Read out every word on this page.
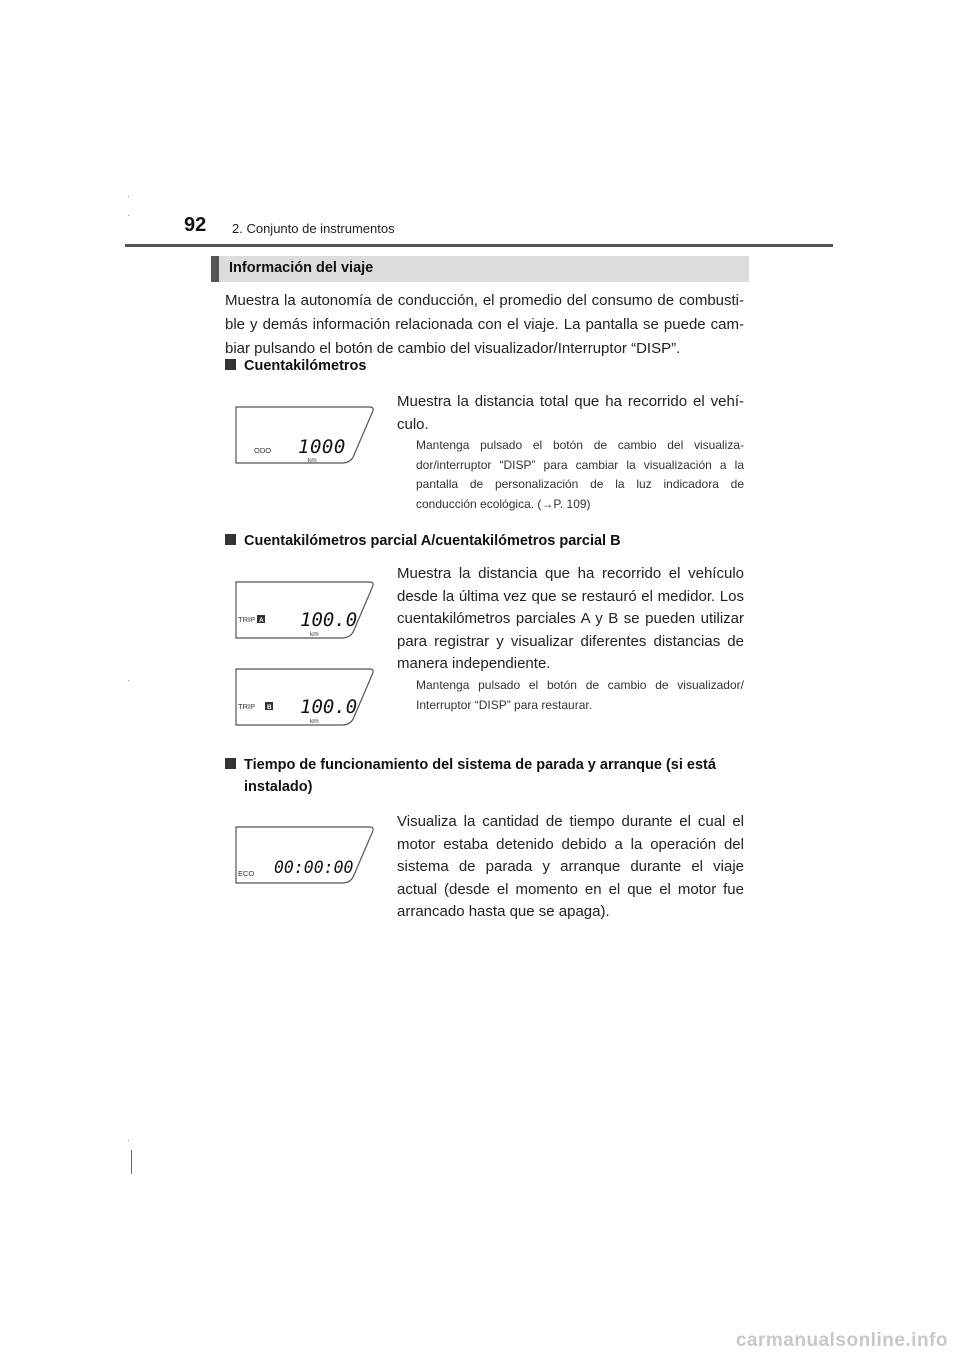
92 2. Conjunto de instrumentos
Información del viaje

Muestra la autonomía de conducción, el promedio del consumo de combusti-ble y demás información relacionada con el viaje. La pantalla se puede cam-biar pulsando el botón de cambio del visualizador/Interruptor “DISP”.

Cuentakilómetros
ODO 1000
km

Muestra la distancia total que ha recorrido el vehí-culo.

Mantenga pulsado el botón de cambio del visualiza-dor/interruptor “DISP” para cambiar la visualización a la pantalla de personalización de la luz indicadora de conducción ecológica. (→P. 109)

Cuentakilómetros parcial A/cuentakilómetros parcial B
TRIP A 100.0
km
TRIP B 100.0
km

Muestra la distancia que ha recorrido el vehículo desde la última vez que se restauró el medidor. Los cuentakilómetros parciales A y B se pueden utilizar para registrar y visualizar diferentes distancias de manera independiente.

Mantenga pulsado el botón de cambio de visualizador/ Interruptor “DISP” para restaurar.

Tiempo de funcionamiento del sistema de parada y arranque (si está instalado)
ECO 00:00:00

Visualiza la cantidad de tiempo durante el cual el motor estaba detenido debido a la operación del sistema de parada y arranque durante el viaje actual (desde el momento en el que el motor fue arrancado hasta que se apaga).

carmanualsonline.info
